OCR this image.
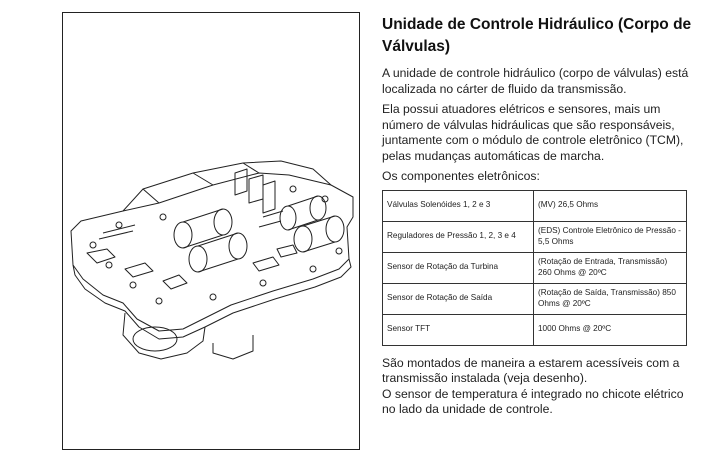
Unidade de Controle Hidráulico (Corpo de Válvulas)

A unidade de controle hidráulico (corpo de válvulas) está localizada no cárter de fluido da transmissão.

Ela possui atuadores elétricos e sensores, mais um número de válvulas hidráulicas que são responsáveis, juntamente com o módulo de controle eletrônico (TCM), pelas mudanças automáticas de marcha.

Os componentes eletrônicos:

Válvulas Solenóides 1, 2 e 3	(MV) 26,5 Ohms
Reguladores de Pressão 1, 2, 3 e 4	(EDS) Controle Eletrônico de Pressão - 5,5 Ohms
Sensor de Rotação da Turbina	(Rotação de Entrada, Transmissão) 260 Ohms @ 20ºC
Sensor de Rotação de Saída	(Rotação de Saída, Transmissão) 850 Ohms @ 20ºC
Sensor TFT	1000 Ohms @ 20ºC

São montados de maneira a estarem acessíveis com a transmissão instalada (veja desenho).

O sensor de temperatura é integrado no chicote elétrico no lado da unidade de controle.
